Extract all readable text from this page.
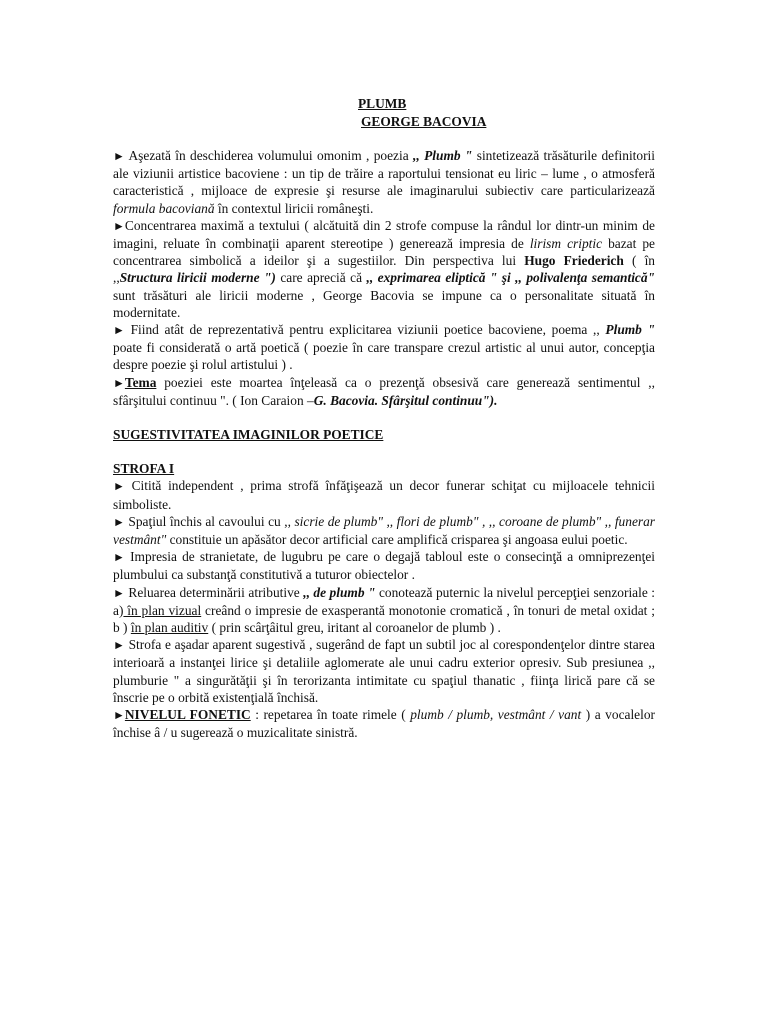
PLUMB
GEORGE BACOVIA

► Aşezată în deschiderea volumului omonim , poezia ,, Plumb " sintetizează trăsăturile definitorii ale viziunii artistice bacoviene : un tip de trăire a raportului tensionat eu liric – lume , o atmosferă caracteristică , mijloace de expresie şi resurse ale imaginarului subiectiv care particularizează formula bacoviană în contextul liricii româneşti.

►Concentrarea maximă a textului ( alcătuită din 2 strofe compuse la rândul lor dintr-un minim de imagini, reluate în combinaţii aparent stereotipe ) generează impresia de lirism criptic bazat pe concentrarea simbolică a ideilor şi a sugestiilor. Din perspectiva lui Hugo Friederich ( în ,,Structura liricii moderne ") care apreciă că ,, exprimarea eliptică " şi ,, polivalenţa semantică" sunt trăsături ale liricii moderne , George Bacovia se impune ca o personalitate situată în modernitate.

► Fiind atât de reprezentativă pentru explicitarea viziunii poetice bacoviene, poema ,, Plumb " poate fi considerată o artă poetică ( poezie în care transpare crezul artistic al unui autor, concepţia despre poezie şi rolul artistului ) .

►Tema poeziei este moartea înţeleasă ca o prezenţă obsesivă care generează sentimentul ,, sfârşitului continuu ". ( Ion Caraion –G. Bacovia. Sfârşitul continuu").

SUGESTIVITATEA IMAGINILOR POETICE

STROFA I

► Citită independent , prima strofă înfăţişează un decor funerar schiţat cu mijloacele tehnicii simboliste.

► Spaţiul închis al cavoului cu ,, sicrie de plumb" ,, flori de plumb" , ,, coroane de plumb" ,, funerar vestmânt" constituie un apăsător decor artificial care amplifică crisparea şi angoasa eului poetic.

► Impresia de stranietate, de lugubru pe care o degajă tabloul este o consecinţă a omniprezenţei plumbului ca substanţă constitutivă a tuturor obiectelor .

► Reluarea determinării atributive ,, de plumb " conotează puternic la nivelul percepţiei senzoriale : a) în plan vizual creând o impresie de exasperantă monotonie cromatică , în tonuri de metal oxidat ; b ) în plan auditiv ( prin scârţâitul greu, iritant al coroanelor de plumb ) .

► Strofa e aşadar aparent sugestivă , sugerând de fapt un subtil joc al corespondenţelor dintre starea interioară a instanţei lirice şi detaliile aglomerate ale unui cadru exterior opresiv. Sub presiunea ,, plumburie " a singurătăţii şi în terorizanta intimitate cu spaţiul thanatic , fiinţa lirică pare că se înscrie pe o orbită existenţială închisă.

►NIVELUL FONETIC : repetarea în toate rimele ( plumb / plumb, vestmânt / vant ) a vocalelor închise â / u sugerează o muzicalitate sinistră.
